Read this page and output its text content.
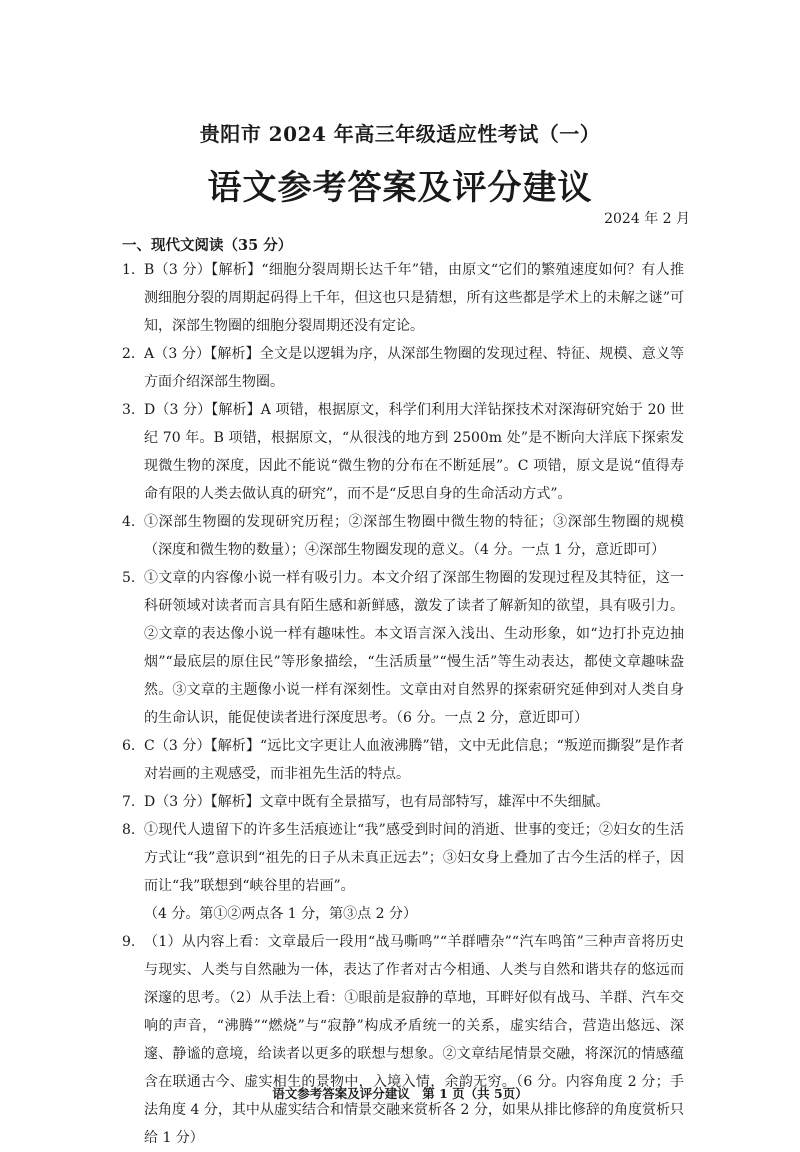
贵阳市 2024 年高三年级适应性考试（一）
语文参考答案及评分建议
2024 年 2 月
一、现代文阅读（35 分）
1. B（3 分）【解析】“细胞分裂周期长达千年”错，由原文“它们的繁殖速度如何？有人推测细胞分裂的周期起码得上千年，但这也只是猜想，所有这些都是学术上的未解之谜”可知，深部生物圈的细胞分裂周期还没有定论。
2. A（3 分）【解析】全文是以逻辑为序，从深部生物圈的发现过程、特征、规模、意义等方面介绍深部生物圈。
3. D（3 分）【解析】A 项错，根据原文，科学们利用大洋钻探技术对深海研究始于 20 世纪 70 年。B 项错，根据原文，“从很浅的地方到 2500m 处”是不断向大洋底下探索发现微生物的深度，因此不能说“微生物的分布在不断延展”。C 项错，原文是说“值得寿命有限的人类去做认真的研究”，而不是“反思自身的生命活动方式”。
4. ①深部生物圈的发现研究历程；②深部生物圈中微生物的特征；③深部生物圈的规模（深度和微生物的数量）；④深部生物圈发现的意义。（4 分。一点 1 分，意近即可）
5. ①文章的内容像小说一样有吸引力。本文介绍了深部生物圈的发现过程及其特征，这一科研领域对读者而言具有陌生感和新鲜感，激发了读者了解新知的欲望，具有吸引力。②文章的表达像小说一样有趣味性。本文语言深入浅出、生动形象，如“边打扑克边抽烟”“最底层的原住民”等形象描绘，“生活质量”“慢生活”等生动表达，都使文章趣味盎然。③文章的主题像小说一样有深刻性。文章由对自然界的探索研究延伸到对人类自身的生命认识，能促使读者进行深度思考。（6 分。一点 2 分，意近即可）
6. C（3 分）【解析】“远比文字更让人血液沸腾”错，文中无此信息；“叛逆而撕裂”是作者对岩画的主观感受，而非祖先生活的特点。
7. D（3 分）【解析】文章中既有全景描写，也有局部特写，雄浑中不失细腻。
8. ①现代人遗留下的许多生活痕迹让“我”感受到时间的消逝、世事的变迁；②妇女的生活方式让“我”意识到“祖先的日子从未真正远去”；③妇女身上叠加了古今生活的样子，因而让“我”联想到“峡谷里的岩画”。
（4 分。第①②两点各 1 分，第③点 2 分）
9. （1）从内容上看：文章最后一段用“战马嘶鸣”“羊群嘈杂”“汽车鸣笛”三种声音将历史与现实、人类与自然融为一体，表达了作者对古今相通、人类与自然和谐共存的悠远而深邃的思考。（2）从手法上看：①眼前是寂静的草地，耳畔好似有战马、羊群、汽车交响的声音，“沸腾”“燃烧”与“寂静”构成矛盾统一的关系，虚实结合，营造出悠远、深邃、静谧的意境，给读者以更多的联想与想象。②文章结尾情景交融，将深沉的情感蕴含在联通古今、虚实相生的景物中，入境入情，余韵无穷。（6 分。内容角度 2 分；手法角度 4 分，其中从虚实结合和情景交融来赏析各 2 分，如果从排比修辞的角度赏析只给 1 分）
语文参考答案及评分建议　第 1 页（共 5页）
